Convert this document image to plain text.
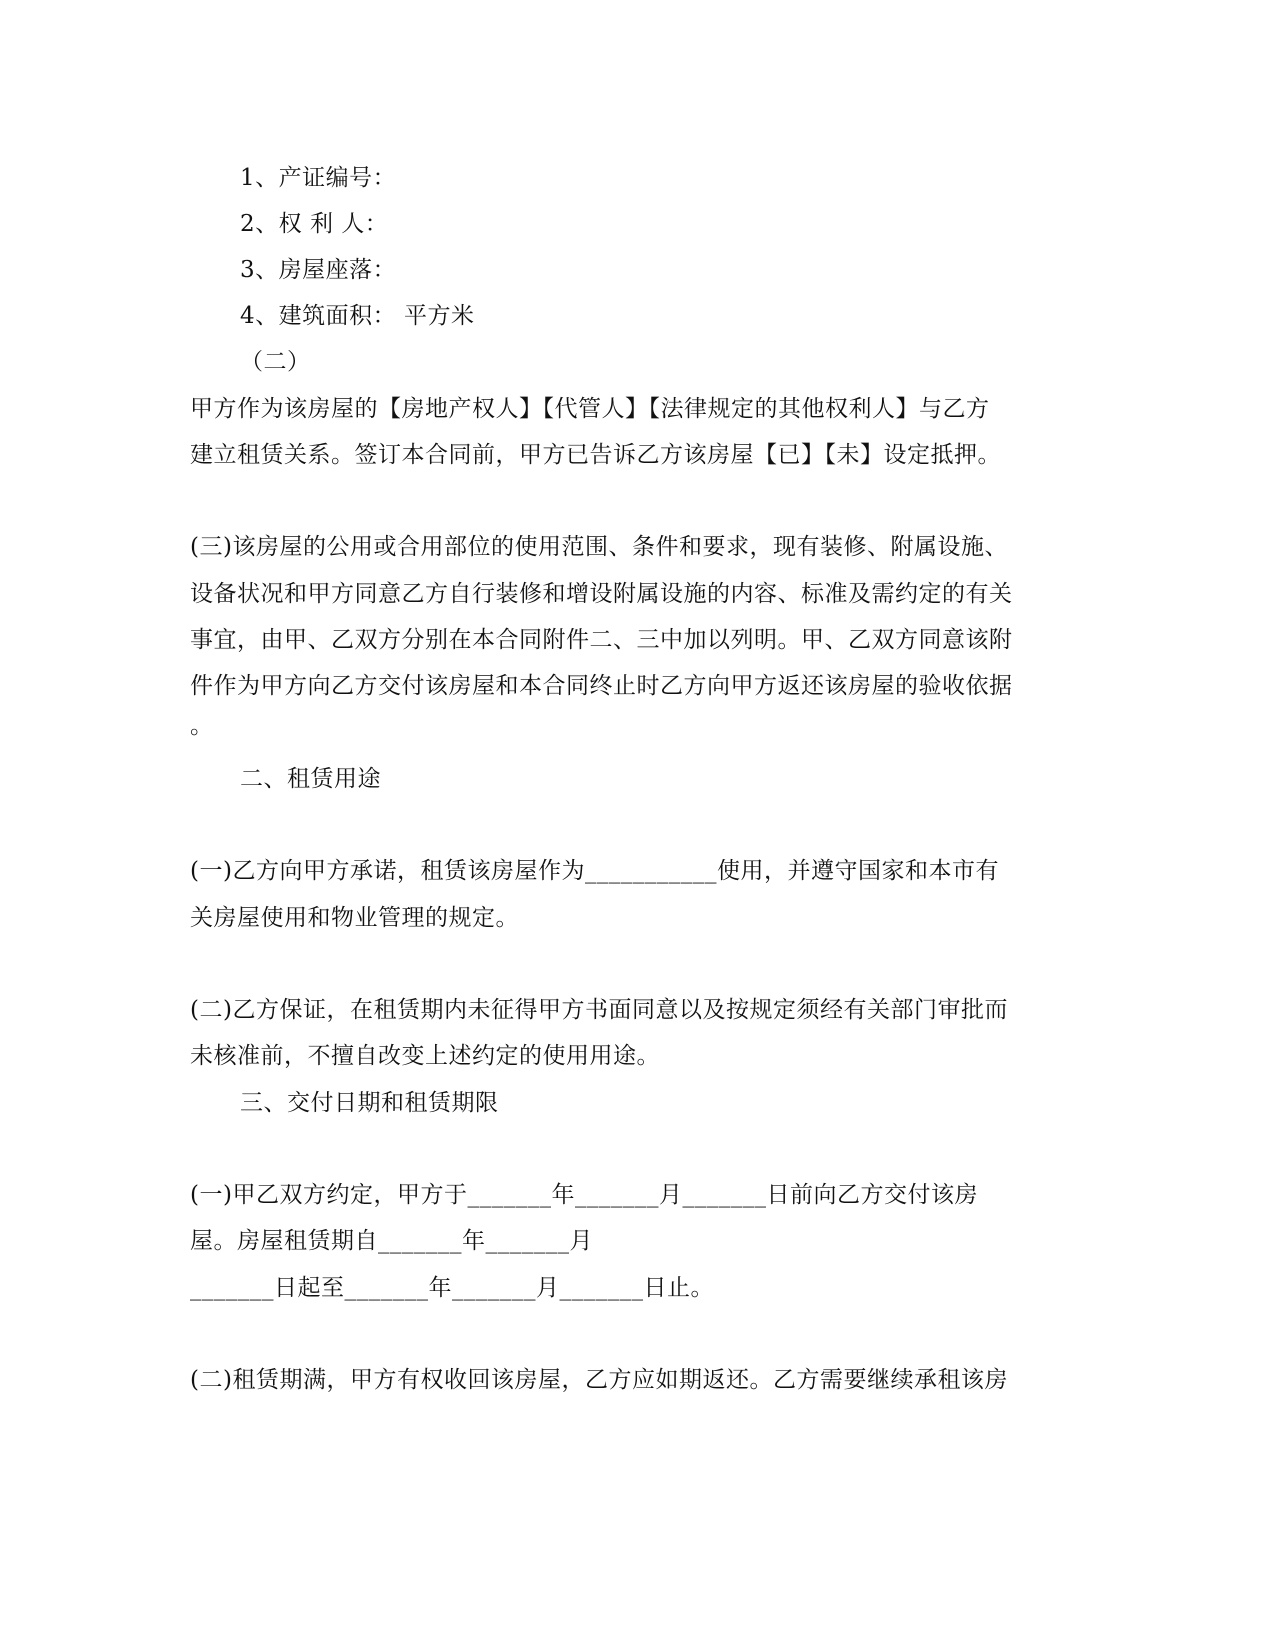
1、产证编号：
2、权 利 人：
3、房屋座落：
4、建筑面积： 平方米
（二）
甲方作为该房屋的【房地产权人】【代管人】【法律规定的其他权利人】与乙方
建立租赁关系。签订本合同前，甲方已告诉乙方该房屋【已】【未】设定抵押。
(三)该房屋的公用或合用部位的使用范围、条件和要求，现有装修、附属设施、
设备状况和甲方同意乙方自行装修和增设附属设施的内容、标准及需约定的有关
事宜，由甲、乙双方分别在本合同附件二、三中加以列明。甲、乙双方同意该附
件作为甲方向乙方交付该房屋和本合同终止时乙方向甲方返还该房屋的验收依据
。
二、租赁用途
(一)乙方向甲方承诺，租赁该房屋作为___________使用，并遵守国家和本市有
关房屋使用和物业管理的规定。
(二)乙方保证，在租赁期内未征得甲方书面同意以及按规定须经有关部门审批而
未核准前，不擅自改变上述约定的使用用途。
三、交付日期和租赁期限
(一)甲乙双方约定，甲方于_______年_______月_______日前向乙方交付该房
屋。房屋租赁期自_______年_______月
_______日起至_______年_______月_______日止。
(二)租赁期满，甲方有权收回该房屋，乙方应如期返还。乙方需要继续承租该房
